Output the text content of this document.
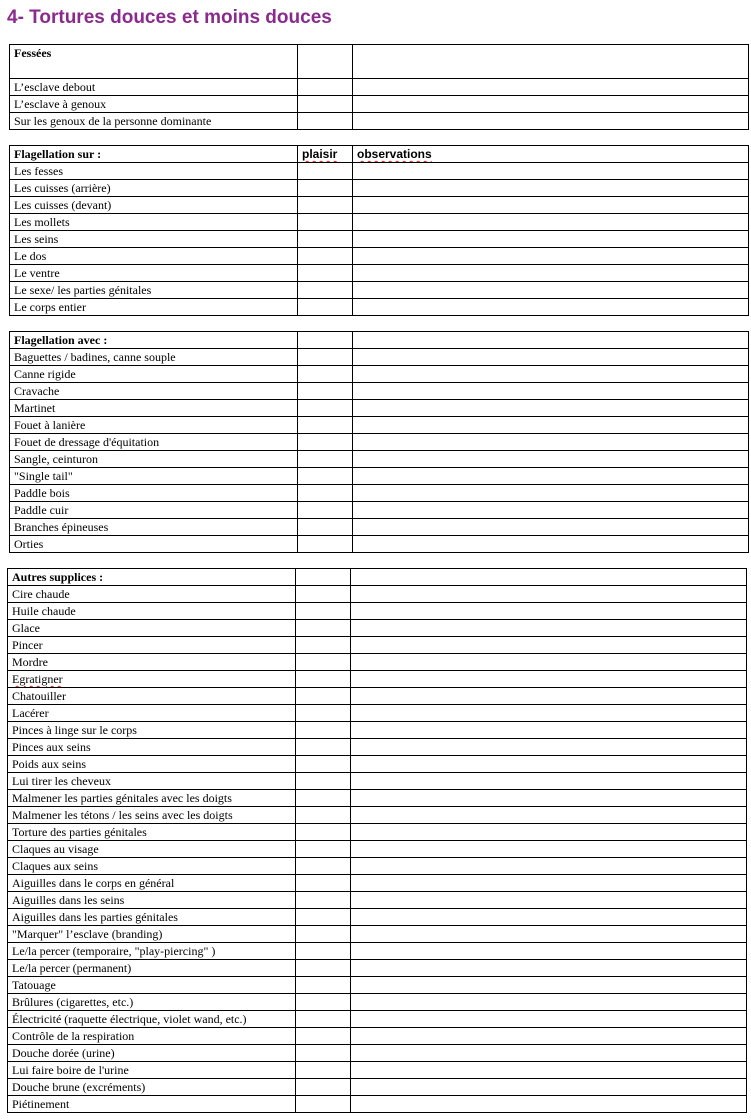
4- Tortures douces et moins douces
Fessées		
L’esclave debout		
L’esclave à genoux		
Sur les genoux de la personne dominante		
Flagellation sur :	plaisir	observations
Les fesses		
Les cuisses (arrière)		
Les cuisses (devant)		
Les mollets		
Les seins		
Le dos		
Le ventre		
Le sexe/ les parties génitales		
Le corps entier		
Flagellation avec :		
Baguettes / badines, canne souple		
Canne rigide		
Cravache		
Martinet		
Fouet à lanière		
Fouet de dressage d'équitation		
Sangle, ceinturon		
"Single tail"		
Paddle bois		
Paddle cuir		
Branches épineuses		
Orties		
Autres supplices :		
Cire chaude		
Huile chaude		
Glace		
Pincer		
Mordre		
Egratigner		
Chatouiller		
Lacérer		
Pinces à linge sur le corps		
Pinces aux seins		
Poids aux seins		
Lui tirer les cheveux		
Malmener les parties génitales avec les doigts		
Malmener les tétons / les seins avec les doigts		
Torture des parties génitales		
Claques au visage		
Claques aux seins		
Aiguilles dans le corps en général		
Aiguilles dans les seins		
Aiguilles dans les parties génitales		
"Marquer" l’esclave (branding)		
Le/la percer (temporaire, "play-piercing" )		
Le/la percer (permanent)		
Tatouage		
Brûlures (cigarettes, etc.)		
Électricité (raquette électrique, violet wand, etc.)		
Contrôle de la respiration		
Douche dorée (urine)		
Lui faire boire de l'urine		
Douche brune (excréments)		
Piétinement		
